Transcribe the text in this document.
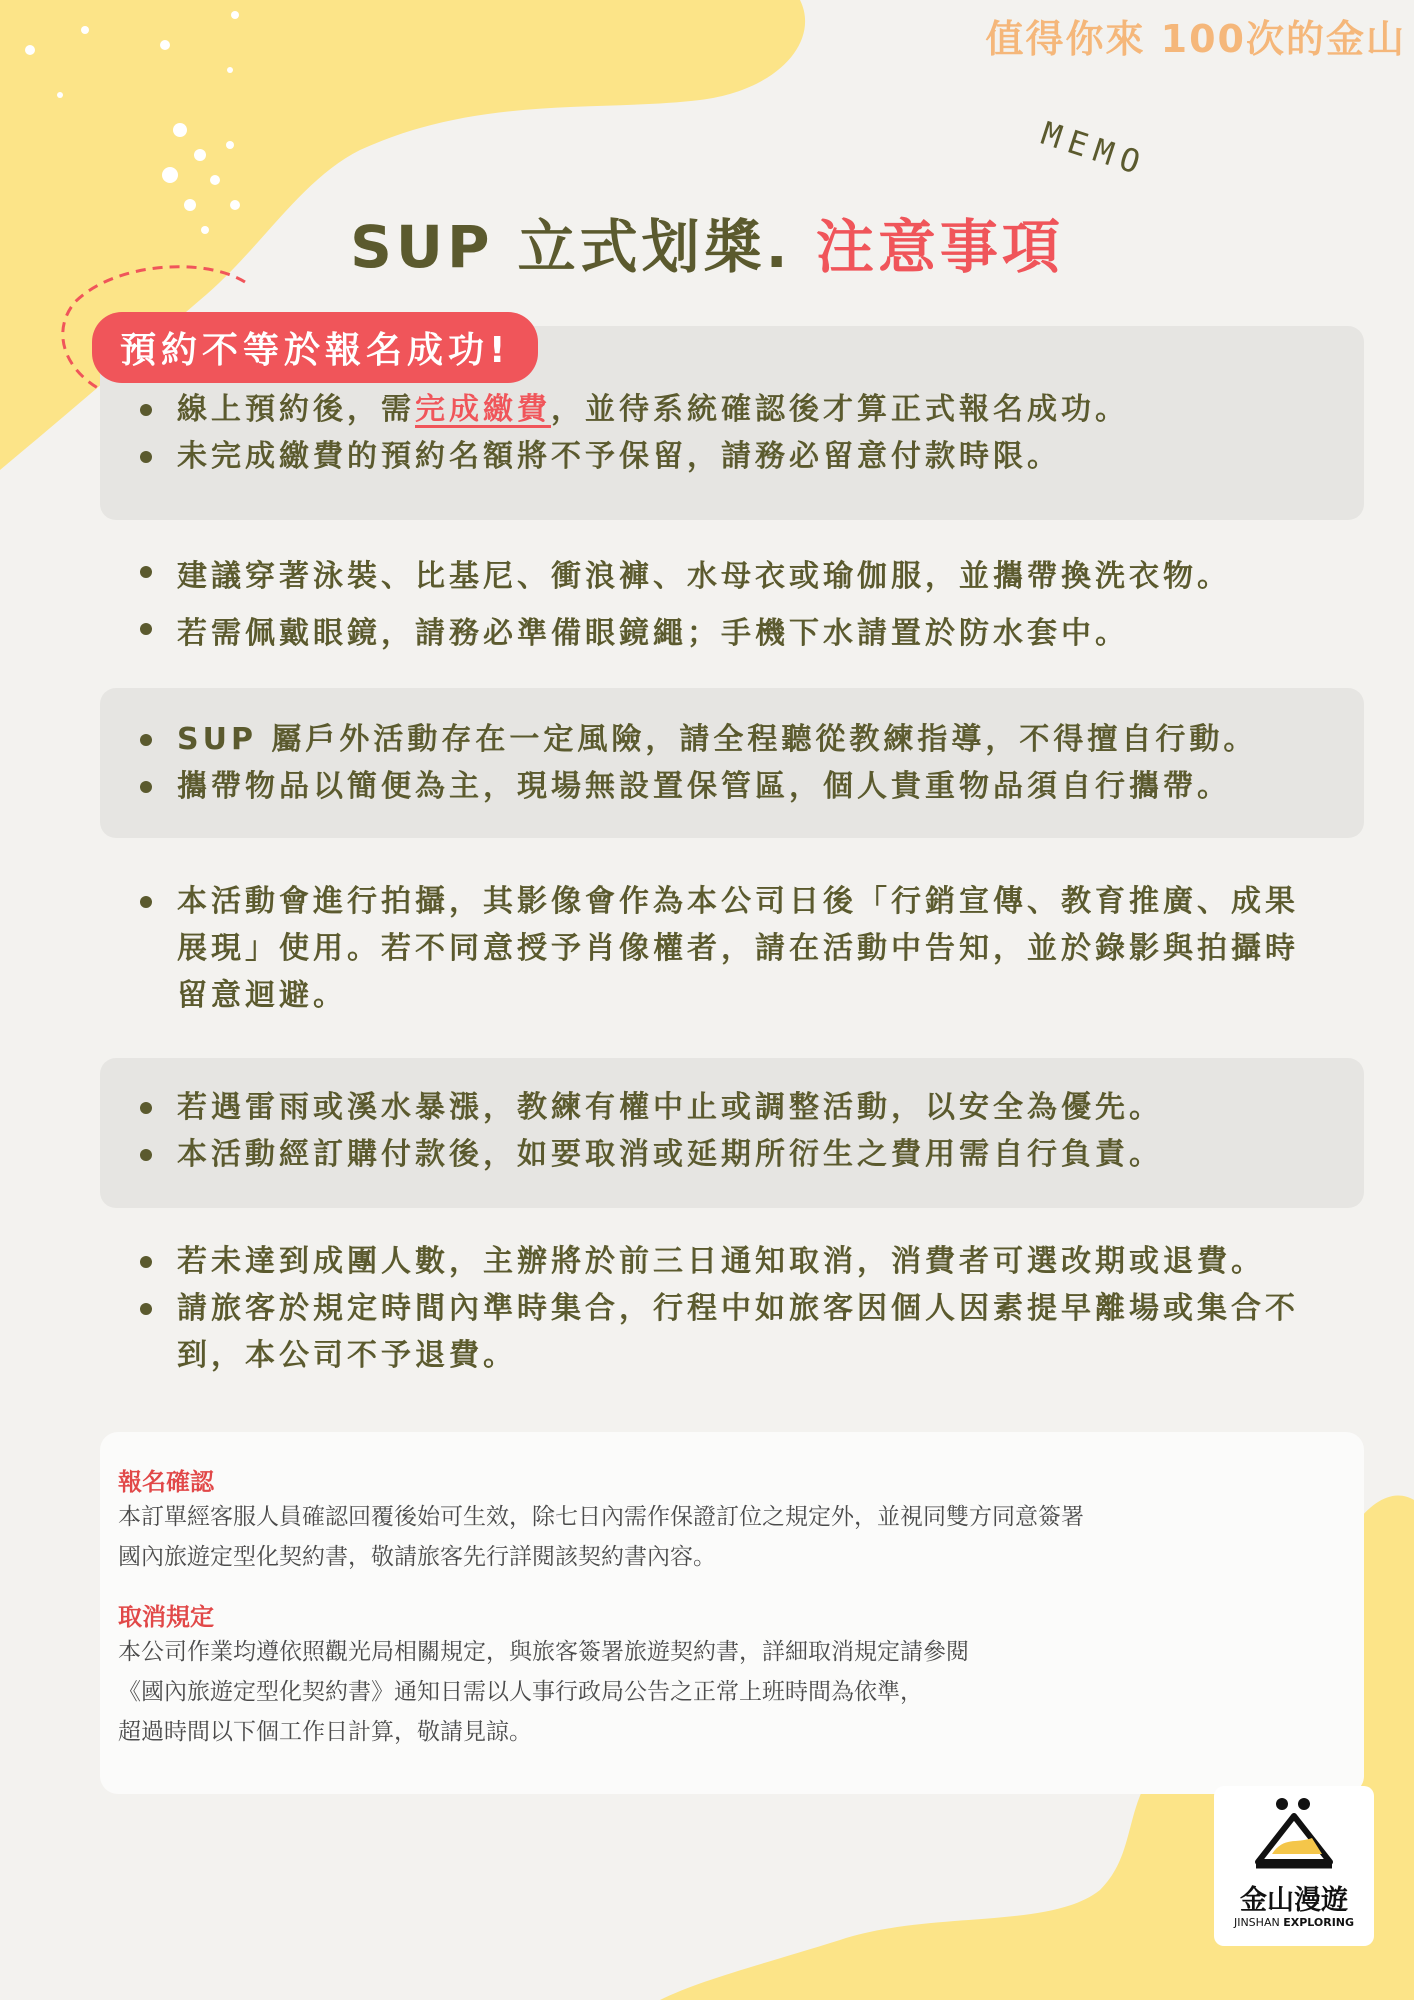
值得你來 100次的金山
MEMO
SUP 立式划槳. 注意事項
預約不等於報名成功!
線上預約後，需完成繳費，並待系統確認後才算正式報名成功。
未完成繳費的預約名額將不予保留，請務必留意付款時限。
建議穿著泳裝、比基尼、衝浪褲、水母衣或瑜伽服，並攜帶換洗衣物。
若需佩戴眼鏡，請務必準備眼鏡繩；手機下水請置於防水套中。
SUP 屬戶外活動存在一定風險，請全程聽從教練指導，不得擅自行動。
攜帶物品以簡便為主，現場無設置保管區，個人貴重物品須自行攜帶。
本活動會進行拍攝，其影像會作為本公司日後「行銷宣傳、教育推廣、成果展現」使用。若不同意授予肖像權者，請在活動中告知，並於錄影與拍攝時留意迴避。
若遇雷雨或溪水暴漲，教練有權中止或調整活動，以安全為優先。
本活動經訂購付款後，如要取消或延期所衍生之費用需自行負責。
若未達到成團人數，主辦將於前三日通知取消，消費者可選改期或退費。
請旅客於規定時間內準時集合，行程中如旅客因個人因素提早離場或集合不到，本公司不予退費。

報名確認

本訂單經客服人員確認回覆後始可生效，除七日內需作保證訂位之規定外，並視同雙方同意簽署

國內旅遊定型化契約書，敬請旅客先行詳閱該契約書內容。

取消規定

本公司作業均遵依照觀光局相關規定，與旅客簽署旅遊契約書，詳細取消規定請參閱

《國內旅遊定型化契約書》通知日需以人事行政局公告之正常上班時間為依準，

超過時間以下個工作日計算，敬請見諒。

金山漫遊
JINSHAN EXPLORING
